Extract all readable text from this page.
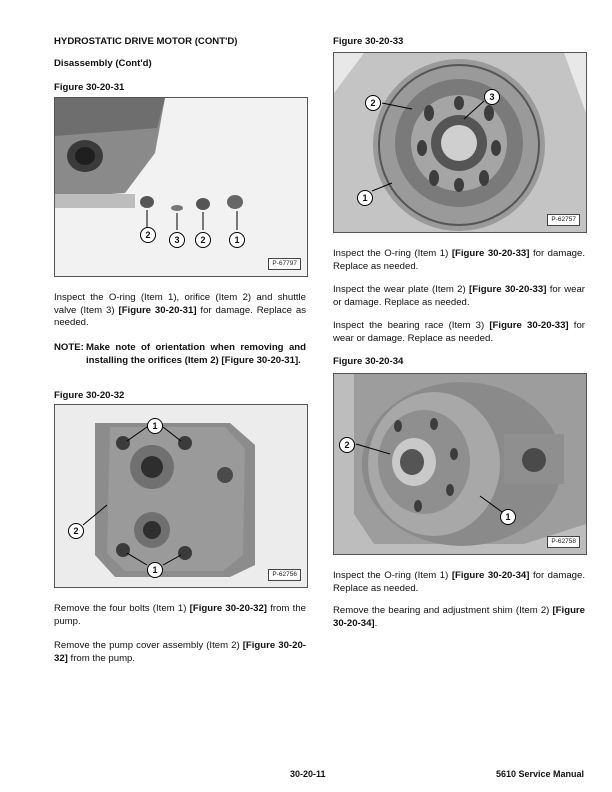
HYDROSTATIC DRIVE MOTOR (CONT'D)
Disassembly (Cont'd)
Figure 30-20-31
2	3	2	1
P-67797
Inspect the O-ring (Item 1), orifice (Item 2) and shuttle valve (Item 3) [Figure 30-20-31] for damage. Replace as needed.
NOTE: Make note of orientation when removing and installing the orifices (Item 2) [Figure 30-20-31].
Figure 30-20-32
1
2
1	P-62756
Remove the four bolts (Item 1) [Figure 30-20-32] from the pump.
Remove the pump cover assembly (Item 2) [Figure 30-20-32] from the pump.
Figure 30-20-33
2
3
1
P-62757
Inspect the O-ring (Item 1) [Figure 30-20-33] for damage. Replace as needed.
Inspect the wear plate (Item 2) [Figure 30-20-33] for wear or damage. Replace as needed.
Inspect the bearing race (Item 3) [Figure 30-20-33] for wear or damage. Replace as needed.
Figure 30-20-34
2
1
P-62758
Inspect the O-ring (Item 1) [Figure 30-20-34] for damage. Replace as needed.
Remove the bearing and adjustment shim (Item 2) [Figure 30-20-34].
30-20-11	5610 Service Manual
